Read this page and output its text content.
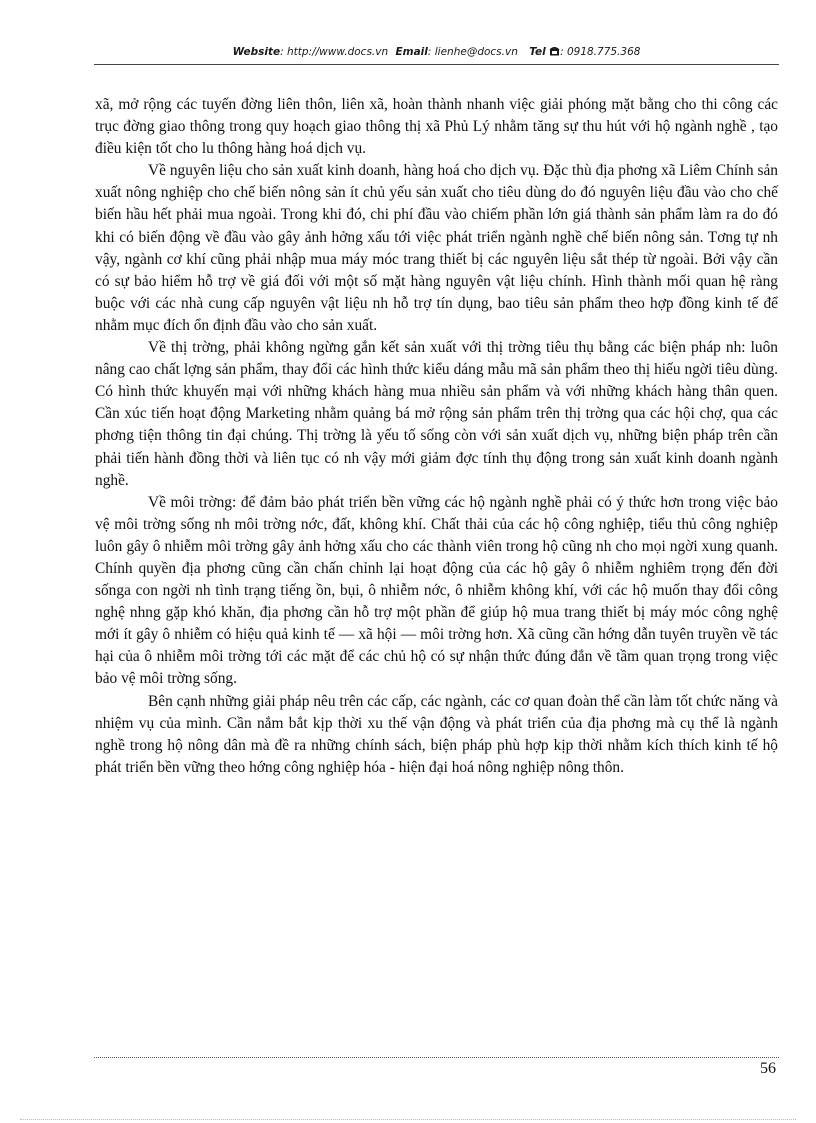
Website: http://www.docs.vn Email: lienhe@docs.vn Tel : 0918.775.368

xã, mở rộng các tuyến đờng liên thôn, liên xã, hoàn thành nhanh việc giải phóng mặt bằng cho thi công các trục đờng giao thông trong quy hoạch giao thông thị xã Phủ Lý nhằm tăng sự thu hút với hộ ngành nghề , tạo điều kiện tốt cho lu thông hàng hoá dịch vụ.

Về nguyên liệu cho sản xuất kinh doanh, hàng hoá cho dịch vụ. Đặc thù địa phơng xã Liêm Chính sản xuất nông nghiệp cho chế biến nông sản ít chủ yếu sản xuất cho tiêu dùng do đó nguyên liệu đầu vào cho chế biến hầu hết phải mua ngoài. Trong khi đó, chi phí đầu vào chiếm phần lớn giá thành sản phẩm làm ra do đó khi có biến động về đầu vào gây ảnh hởng xấu tới việc phát triển ngành nghề chế biến nông sản. Tơng tự nh vậy, ngành cơ khí cũng phải nhập mua máy móc trang thiết bị các nguyên liệu sắt thép từ ngoài. Bởi vậy cần có sự bảo hiểm hỗ trợ về giá đối với một số mặt hàng nguyên vật liệu chính. Hình thành mối quan hệ ràng buộc với các nhà cung cấp nguyên vật liệu nh hỗ trợ tín dụng, bao tiêu sản phẩm theo hợp đồng kinh tế để nhằm mục đích ổn định đầu vào cho sản xuất.

Về thị trờng, phải không ngừng gắn kết sản xuất với thị trờng tiêu thụ bằng các biện pháp nh: luôn nâng cao chất lợng sản phẩm, thay đổi các hình thức kiểu dáng mẫu mã sản phẩm theo thị hiếu ngời tiêu dùng. Có hình thức khuyến mại với những khách hàng mua nhiều sản phẩm và với những khách hàng thân quen. Cần xúc tiến hoạt động Marketing nhằm quảng bá mở rộng sản phẩm trên thị trờng qua các hội chợ, qua các phơng tiện thông tin đại chúng. Thị trờng là yếu tố sống còn với sản xuất dịch vụ, những biện pháp trên cần phải tiến hành đồng thời và liên tục có nh vậy mới giảm đợc tính thụ động trong sản xuất kinh doanh ngành nghề.

Về môi trờng: để đảm bảo phát triển bền vững các hộ ngành nghề phải có ý thức hơn trong việc bảo vệ môi trờng sống nh môi trờng nớc, đất, không khí. Chất thải của các hộ công nghiệp, tiểu thủ công nghiệp luôn gây ô nhiễm môi trờng gây ảnh hởng xấu cho các thành viên trong hộ cũng nh cho mọi ngời xung quanh. Chính quyền địa phơng cũng cần chấn chỉnh lại hoạt động của các hộ gây ô nhiễm nghiêm trọng đến đời sốnga con ngời nh tình trạng tiếng ồn, bụi, ô nhiễm nớc, ô nhiễm không khí, với các hộ muốn thay đổi công nghệ nhng gặp khó khăn, địa phơng cần hỗ trợ một phần để giúp hộ mua trang thiết bị máy móc công nghệ mới ít gây ô nhiễm có hiệu quả kinh tế — xã hội — môi trờng hơn. Xã cũng cần hớng dẫn tuyên truyền về tác hại của ô nhiễm môi trờng tới các mặt để các chủ hộ có sự nhận thức đúng đắn về tầm quan trọng trong việc bảo vệ môi trờng sống.

Bên cạnh những giải pháp nêu trên các cấp, các ngành, các cơ quan đoàn thể cần làm tốt chức năng và nhiệm vụ của mình. Cần nắm bắt kịp thời xu thế vận động và phát triển của địa phơng mà cụ thể là ngành nghề trong hộ nông dân mà đề ra những chính sách, biện pháp phù hợp kịp thời nhằm kích thích kinh tế hộ phát triển bền vững theo hớng công nghiệp hóa - hiện đại hoá nông nghiệp nông thôn.

56
